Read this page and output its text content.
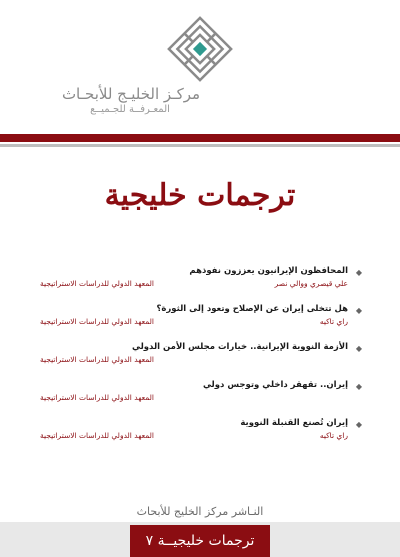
مركـز الخليـج للأبحـاث
المعـرفــة للجـميــع
ترجمات خليجية
◆
المحافظون الإيرانيون يعززون نفوذهم
علي قيصري ووالي نصر
المعهد الدولي للدراسات الاستراتيجية
◆
هل تتخلى إيران عن الإصلاح وتعود إلى الثورة؟
راي تاكيه
المعهد الدولي للدراسات الاستراتيجية
◆
الأزمة النووية الإيرانية.. خيارات مجلس الأمن الدولي
المعهد الدولي للدراسات الاستراتيجية
◆
إيران.. تقهقر داخلي وتوجس دولي
المعهد الدولي للدراسات الاستراتيجية
◆
إيران تُصنع القنبلة النووية
راي تاكيه
المعهد الدولي للدراسات الاستراتيجية
النـاشر مركز الخليج للأبحاث
ترجمات خليجيــة ٧
